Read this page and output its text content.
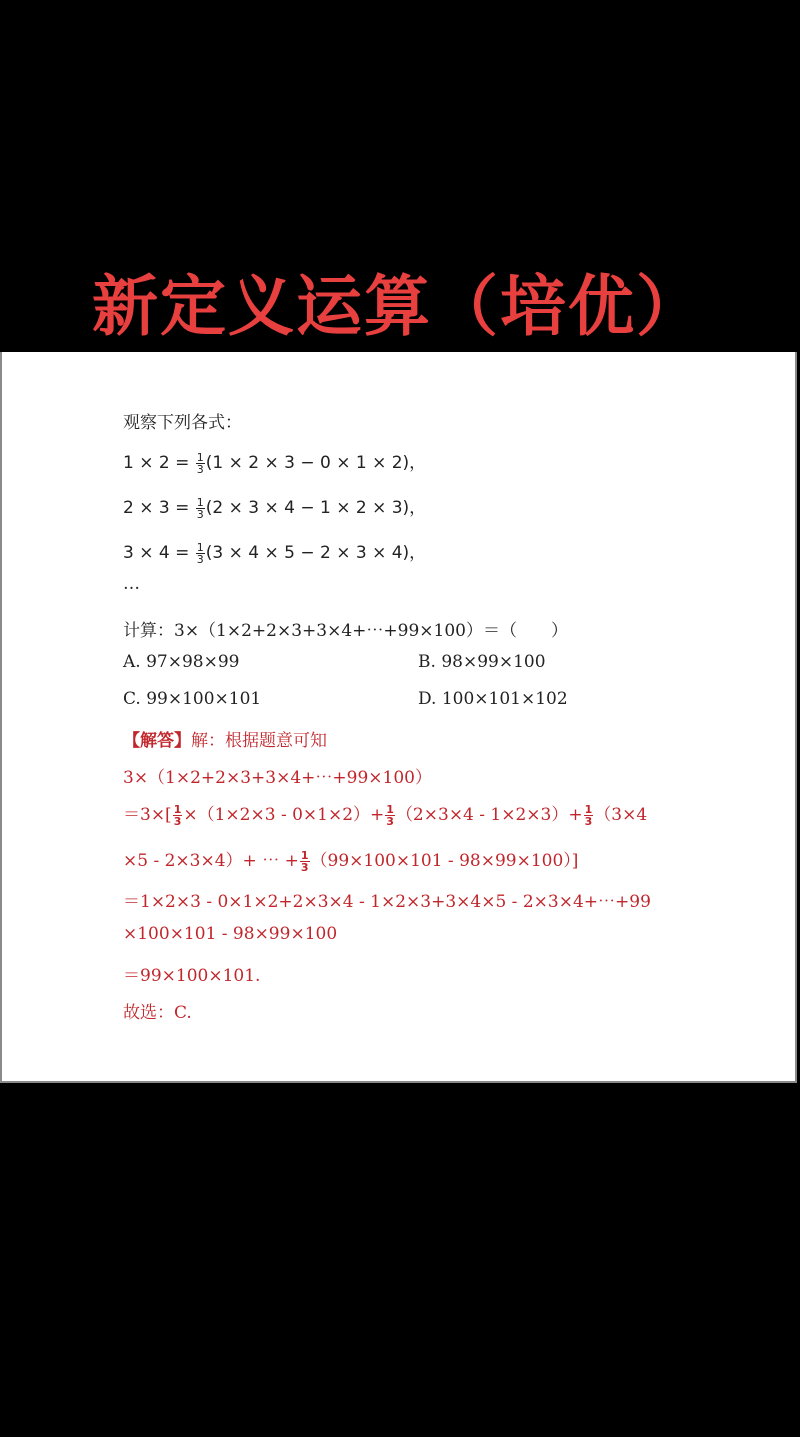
新定义运算（培优）
观察下列各式：
$1 \times 2 = \frac{1}{3} (1 \times 2 \times 3 - 0 \times 1 \times 2)$，
$2 \times 3 = \frac{1}{3} (2 \times 3 \times 4 - 1 \times 2 \times 3)$，
$3 \times 4 = \frac{1}{3} (3 \times 4 \times 5 - 2 \times 3 \times 4)$，
…
计算：3×（1×2+2×3+3×4+⋯+99×100）＝（　　）
A. 97×98×99	B. 98×99×100
C. 99×100×101	D. 100×101×102
【解答】解：根据题意可知
3×（1×2+2×3+3×4+⋯+99×100）
$=3\times[ \frac{1}{3} \times(1\times 2\times 3 - 0\times 1\times 2)+ \frac{1}{3} (2\times 3\times 4 - 1\times 2\times 3)+ \frac{1}{3} (3\times 4$
×5 - 2×3×4）+ ⋯ + $\frac{1}{3} (99\times 100\times 101 - 98\times 99\times 100)$]
＝1×2×3 - 0×1×2+2×3×4 - 1×2×3+3×4×5 - 2×3×4+⋯+99
×100×101 - 98×99×100
＝99×100×101.
故选：C.
